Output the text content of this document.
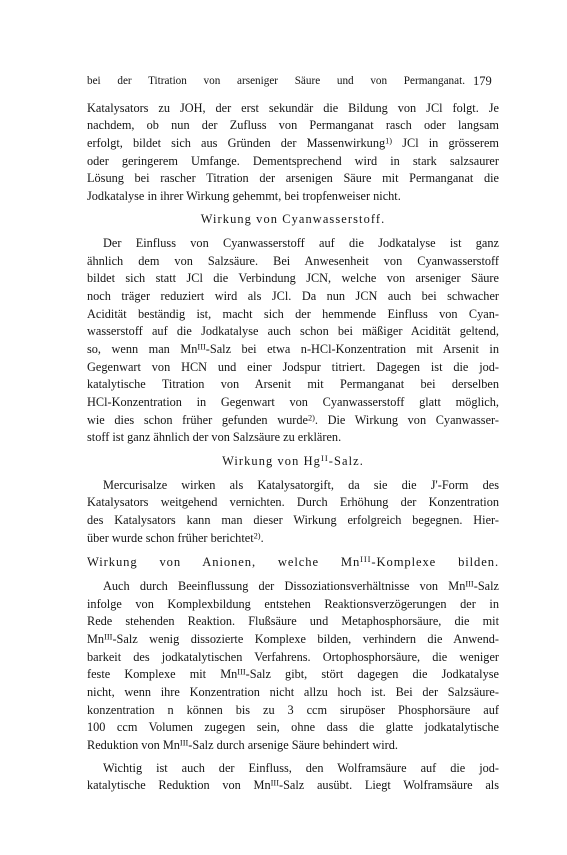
bei der Titration von arseniger Säure und von Permanganat. 179
Katalysators zu JOH, der erst sekundär die Bildung von JCl folgt. Je
nachdem, ob nun der Zufluss von Permanganat rasch oder langsam
erfolgt, bildet sich aus Gründen der Massenwirkung$^{1)}$ JCl in grösserem
oder geringerem Umfange. Dementsprechend wird in stark salzsaurer
Lösung bei rascher Titration der arsenigen Säure mit Permanganat die
Jodkatalyse in ihrer Wirkung gehemmt, bei tropfenweiser nicht.
Wirkung von Cyanwasserstoff.
Der Einfluss von Cyanwasserstoff auf die Jodkatalyse ist ganz
ähnlich dem von Salzsäure. Bei Anwesenheit von Cyanwasserstoff
bildet sich statt JCl die Verbindung JCN, welche von arseniger Säure
noch träger reduziert wird als JCl. Da nun JCN auch bei schwacher
Acidität beständig ist, macht sich der hemmende Einfluss von Cyan-
wasserstoff auf die Jodkatalyse auch schon bei mäßiger Acidität geltend,
so, wenn man $Mn^{III}$-Salz bei etwa n-HCl-Konzentration mit Arsenit in
Gegenwart von HCN und einer Jodspur titriert. Dagegen ist die jod-
katalytische Titration von Arsenit mit Permanganat bei derselben
HCl-Konzentration in Gegenwart von Cyanwasserstoff glatt möglich,
wie dies schon früher gefunden wurde$^{2)}$. Die Wirkung von Cyanwasser-
stoff ist ganz ähnlich der von Salzsäure zu erklären.
Wirkung von $Hg^{II}$-Salz.
Mercurisalze wirken als Katalysatorgift, da sie die J'-Form des
Katalysators weitgehend vernichten. Durch Erhöhung der Konzentration
des Katalysators kann man dieser Wirkung erfolgreich begegnen. Hier-
über wurde schon früher berichtet$^{2)}$.
Wirkung von Anionen, welche $Mn^{III}$-Komplexe bilden.
Auch durch Beeinflussung der Dissoziationsverhältnisse von $Mn^{III}$-Salz
infolge von Komplexbildung entstehen Reaktionsverzögerungen der in
Rede stehenden Reaktion. Flußsäure und Metaphosphorsäure, die mit
$Mn^{III}$-Salz wenig dissozierte Komplexe bilden, verhindern die Anwend-
barkeit des jodkatalytischen Verfahrens. Ortophosphorsäure, die weniger
feste Komplexe mit $Mn^{III}$-Salz gibt, stört dagegen die Jodkatalyse
nicht, wenn ihre Konzentration nicht allzu hoch ist. Bei der Salzsäure-
konzentration n können bis zu 3 ccm sirupöser Phosphorsäure auf
100 ccm Volumen zugegen sein, ohne dass die glatte jodkatalytische
Reduktion von $Mn^{III}$-Salz durch arsenige Säure behindert wird.
Wichtig ist auch der Einfluss, den Wolframsäure auf die jod-
katalytische Reduktion von $Mn^{III}$-Salz ausübt. Liegt Wolframsäure als
